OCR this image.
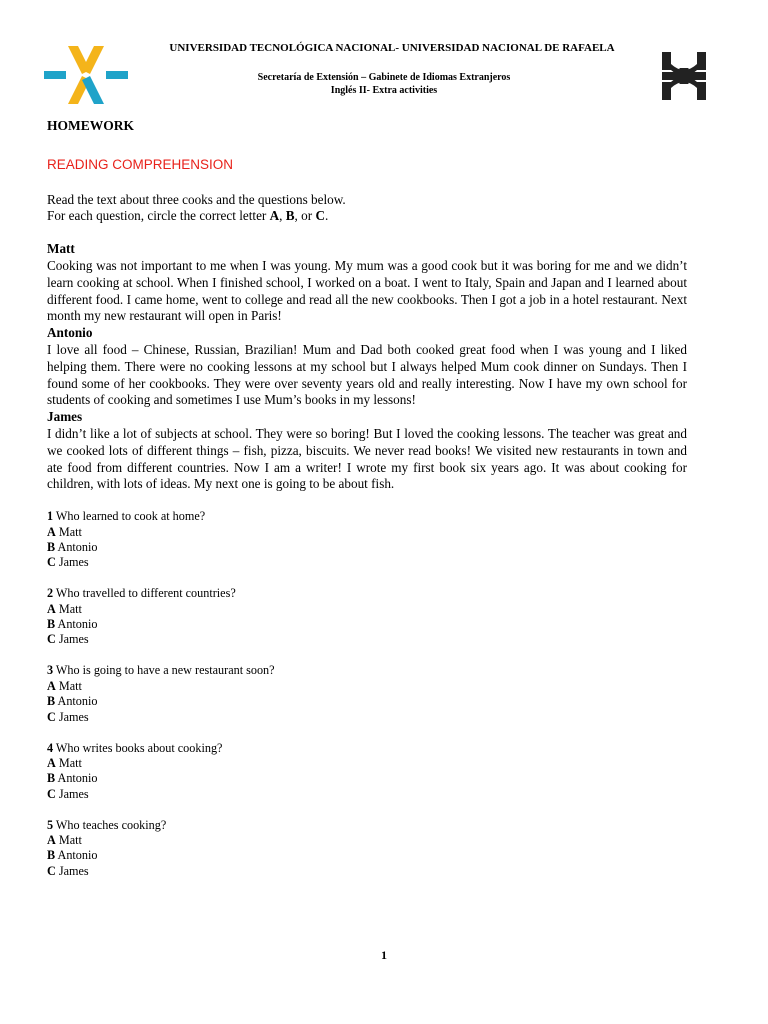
UNIVERSIDAD TECNOLÓGICA NACIONAL- UNIVERSIDAD NACIONAL DE RAFAELA
Secretaría de Extensión – Gabinete de Idiomas Extranjeros
Inglés II- Extra activities

HOMEWORK

READING COMPREHENSION

Read the text about three cooks and the questions below.

For each question, circle the correct letter A, B, or C.

Matt

Cooking was not important to me when I was young. My mum was a good cook but it was boring for me and we didn’t learn cooking at school. When I finished school, I worked on a boat. I went to Italy, Spain and Japan and I learned about different food. I came home, went to college and read all the new cookbooks. Then I got a job in a hotel restaurant. Next month my new restaurant will open in Paris!

Antonio

I love all food – Chinese, Russian, Brazilian! Mum and Dad both cooked great food when I was young and I liked helping them. There were no cooking lessons at my school but I always helped Mum cook dinner on Sundays. Then I found some of her cookbooks. They were over seventy years old and really interesting. Now I have my own school for students of cooking and sometimes I use Mum’s books in my lessons!

James

I didn’t like a lot of subjects at school. They were so boring! But I loved the cooking lessons. The teacher was great and we cooked lots of different things – fish, pizza, biscuits. We never read books! We visited new restaurants in town and ate food from different countries. Now I am a writer! I wrote my first book six years ago. It was about cooking for children, with lots of ideas. My next one is going to be about fish.

1 Who learned to cook at home?

A Matt

B Antonio

C James

2 Who travelled to different countries?

A Matt

B Antonio

C James

3 Who is going to have a new restaurant soon?

A Matt

B Antonio

C James

4 Who writes books about cooking?

A Matt

B Antonio

C James

5 Who teaches cooking?

A Matt

B Antonio

C James

1
